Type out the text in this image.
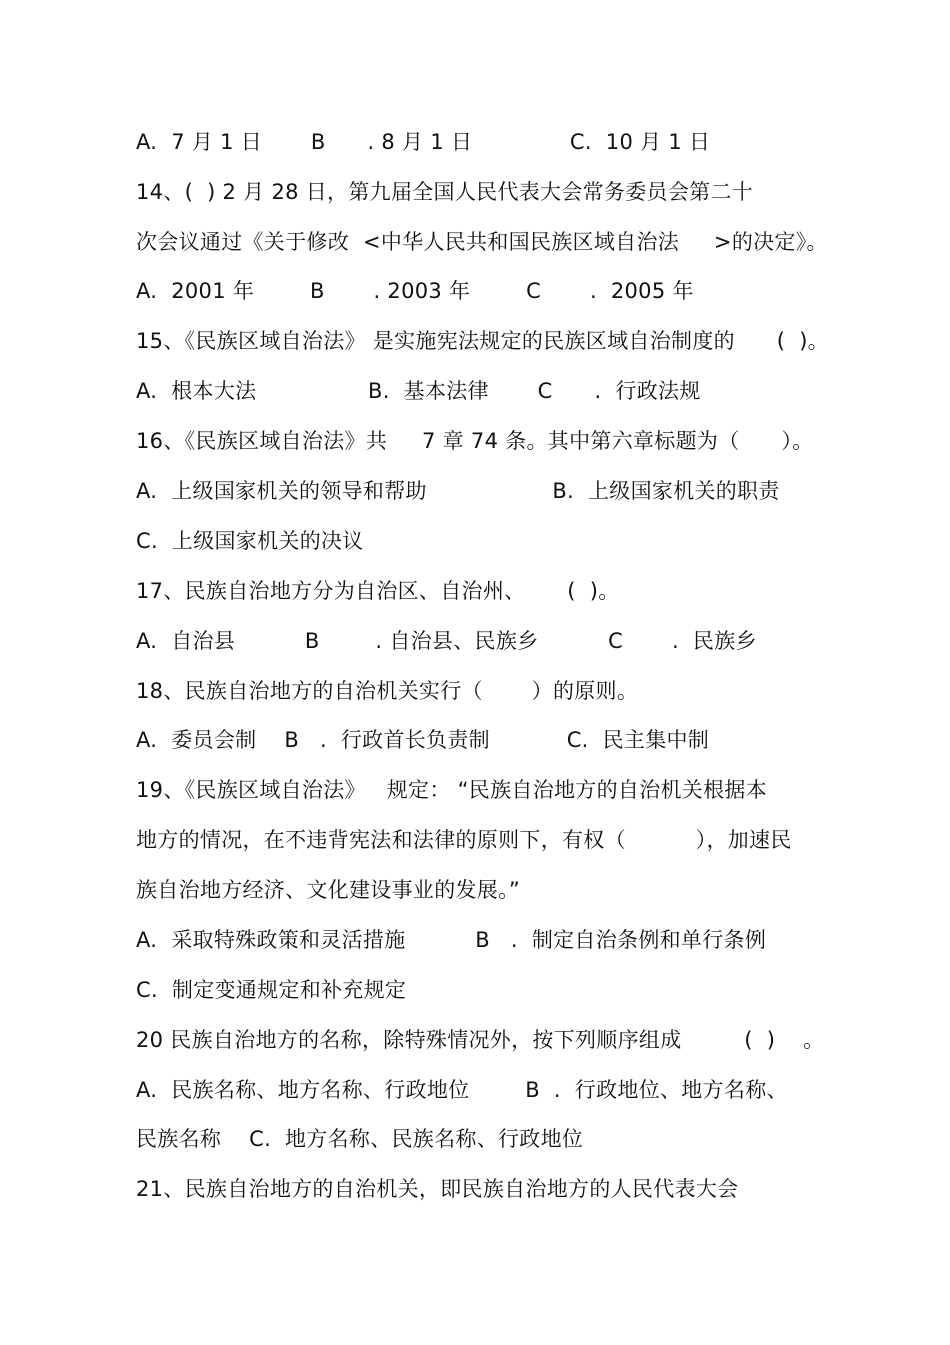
A.  7 月 1 日       B      . 8 月 1 日              C.  10 月 1 日
14、(  ) 2 月 28 日，第九届全国人民代表大会常务委员会第二十
次会议通过《关于修改  <中华人民共和国民族区域自治法     >的决定》。
A.  2001 年        B       . 2003 年        C       .  2005 年
15、《民族区域自治法》 是实施宪法规定的民族区域自治制度的      (  )。
A.  根本大法                B.  基本法律       C      .  行政法规
16、《民族区域自治法》共     7 章 74 条。其中第六章标题为（      ）。
A.  上级国家机关的领导和帮助                  B.  上级国家机关的职责
C.  上级国家机关的决议
17、民族自治地方分为自治区、自治州、      (  )。
A.  自治县          B        . 自治县、民族乡          C       .  民族乡
18、民族自治地方的自治机关实行（       ）的原则。
A.  委员会制    B   .  行政首长负责制           C.  民主集中制
19、《民族区域自治法》   规定： “民族自治地方的自治机关根据本
地方的情况，在不违背宪法和法律的原则下，有权（          ），加速民
族自治地方经济、文化建设事业的发展。”
A.  采取特殊政策和灵活措施          B   .  制定自治条例和单行条例
C.  制定变通规定和补充规定
20 民族自治地方的名称，除特殊情况外，按下列顺序组成         (  )    。
A.  民族名称、地方名称、行政地位        B  .  行政地位、地方名称、
民族名称    C.  地方名称、民族名称、行政地位
21、民族自治地方的自治机关，即民族自治地方的人民代表大会
